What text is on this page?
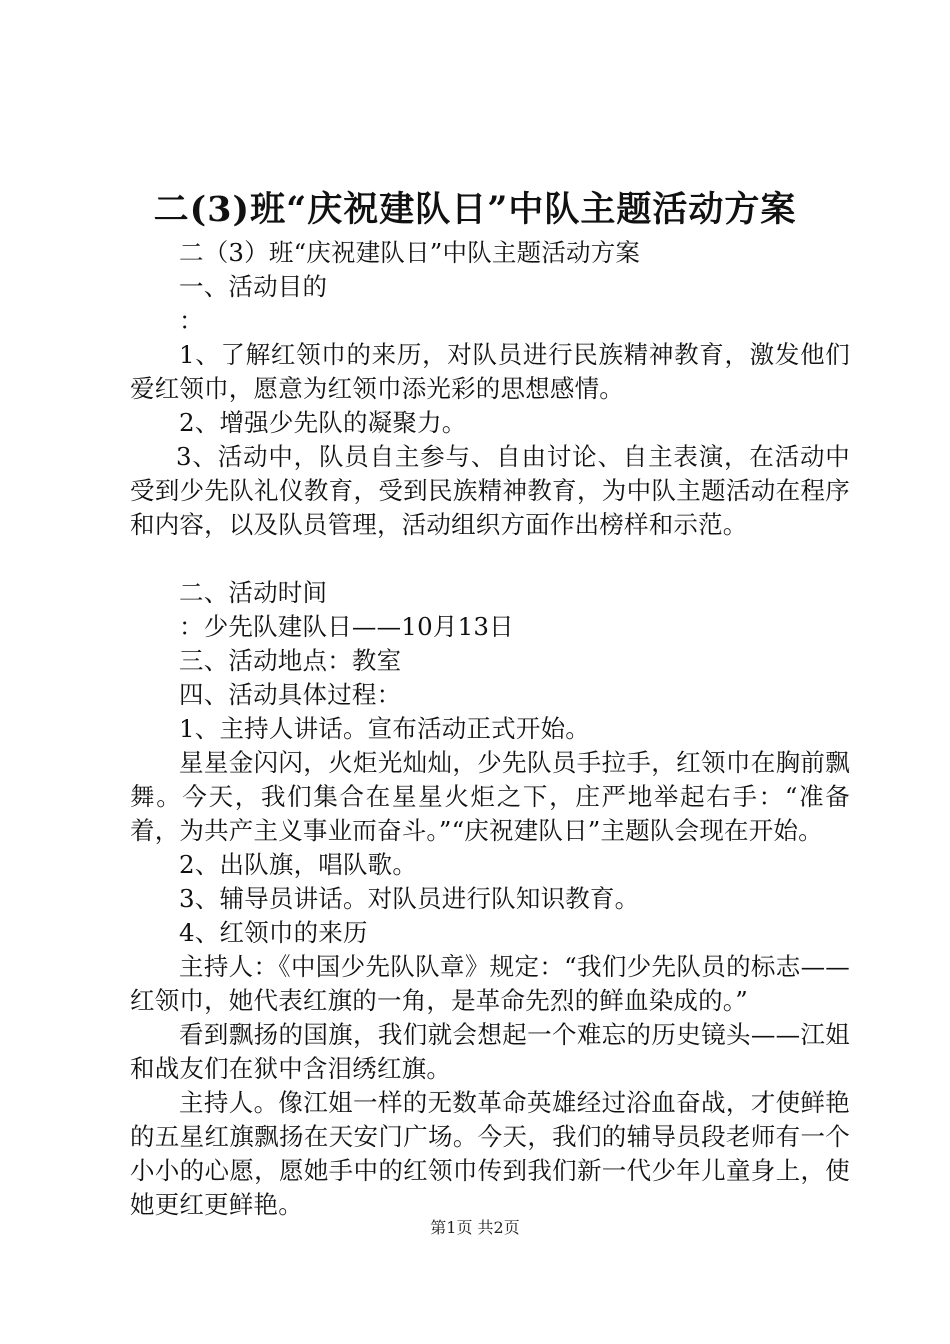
二(3)班“庆祝建队日”中队主题活动方案

二（3）班“庆祝建队日”中队主题活动方案

一、活动目的

：

1、了解红领巾的来历，对队员进行民族精神教育，激发他们爱红领巾，愿意为红领巾添光彩的思想感情。

2、增强少先队的凝聚力。

3、活动中，队员自主参与、自由讨论、自主表演，在活动中受到少先队礼仪教育，受到民族精神教育，为中队主题活动在程序和内容，以及队员管理，活动组织方面作出榜样和示范。

二、活动时间

：少先队建队日——10月13日

三、活动地点：教室

四、活动具体过程：

1、主持人讲话。宣布活动正式开始。

星星金闪闪，火炬光灿灿，少先队员手拉手，红领巾在胸前飘舞。今天，我们集合在星星火炬之下，庄严地举起右手：“准备着，为共产主义事业而奋斗。”“庆祝建队日”主题队会现在开始。

2、出队旗，唱队歌。

3、辅导员讲话。对队员进行队知识教育。

4、红领巾的来历

主持人：《中国少先队队章》规定：“我们少先队员的标志——红领巾，她代表红旗的一角，是革命先烈的鲜血染成的。”

看到飘扬的国旗，我们就会想起一个难忘的历史镜头——江姐和战友们在狱中含泪绣红旗。

主持人。像江姐一样的无数革命英雄经过浴血奋战，才使鲜艳的五星红旗飘扬在天安门广场。今天，我们的辅导员段老师有一个小小的心愿，愿她手中的红领巾传到我们新一代少年儿童身上，使她更红更鲜艳。

第1页 共2页
